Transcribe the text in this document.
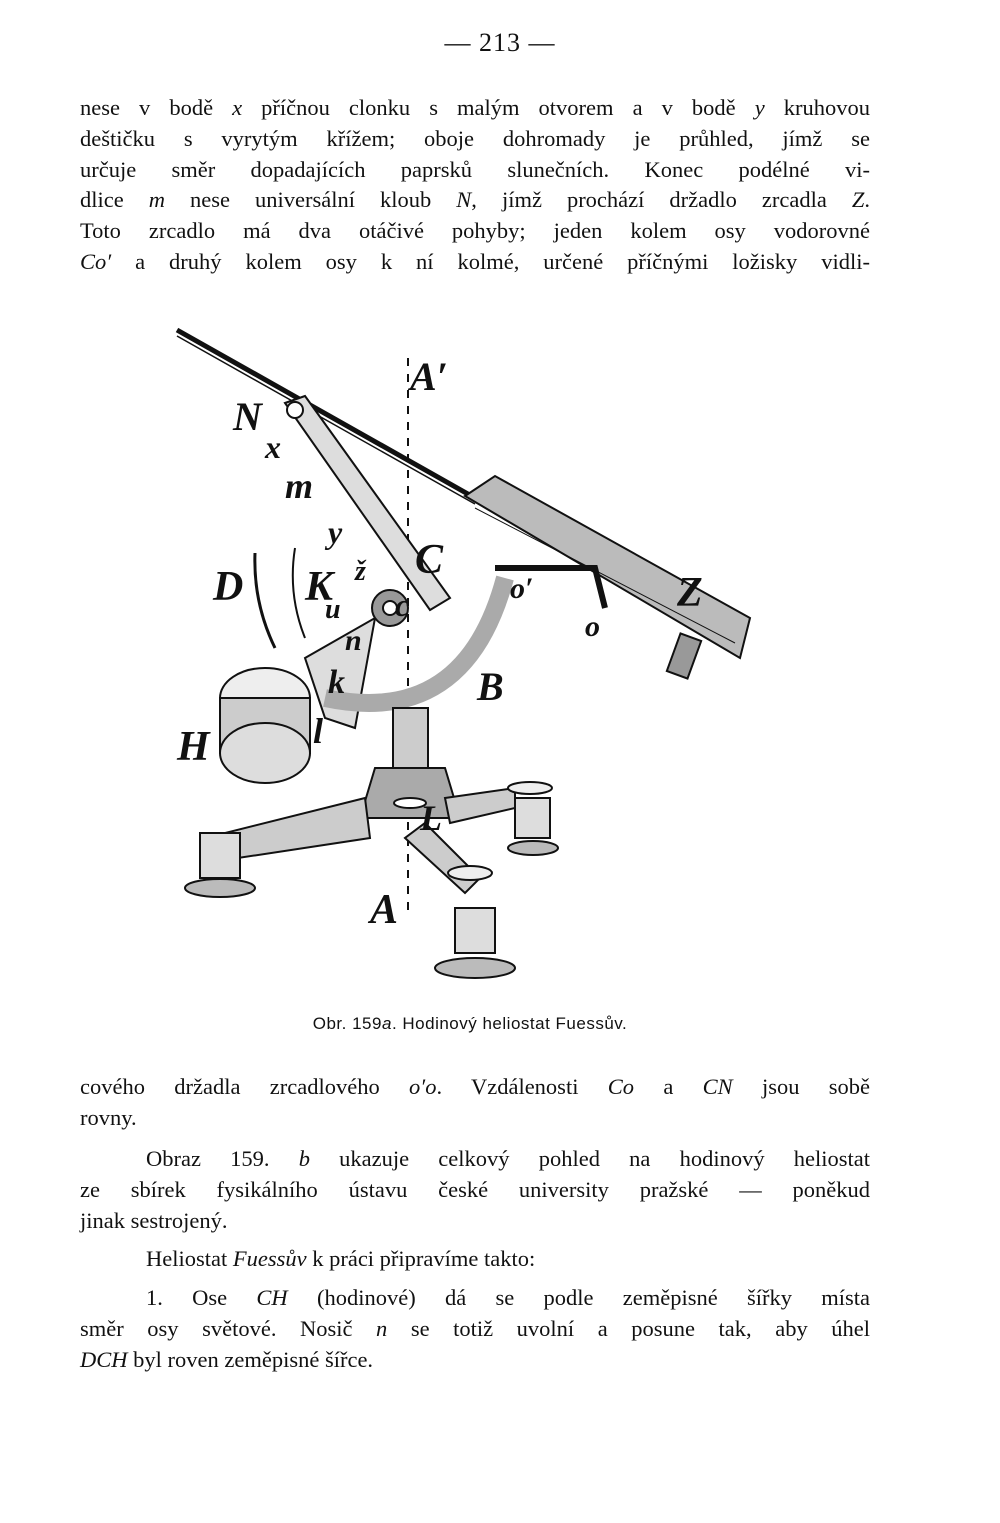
— 213 —
nese v bodě x příčnou clonku s malým otvorem a v bodě y kruhovou
deštičku s vyrytým křížem; oboje dohromady je průhled, jímž se
určuje směr dopadajících paprsků slunečních. Konec podélné vi-
dlice m nese universální kloub N, jímž prochází držadlo zrcadla Z.
Toto zrcadlo má dva otáčivé pohyby; jeden kolem osy vodorovné
Co′ a druhý kolem osy k ní kolmé, určené příčnými ložisky vidli-
A′
N
x
m
y
C
D K ž
u c
n
k
o′
o
Z
B
H	l
L
A
Obr. 159a. Hodinový heliostat Fuessův.
cového držadla zrcadlového o′o. Vzdálenosti Co a CN jsou sobě
rovny.
Obraz 159. b ukazuje celkový pohled na hodinový heliostat
ze sbírek fysikálního ústavu české university pražské — poněkud
jinak sestrojený.
Heliostat Fuessův k práci připravíme takto:
1. Ose CH (hodinové) dá se podle zeměpisné šířky místa
směr osy světové. Nosič n se totiž uvolní a posune tak, aby úhel
DCH byl roven zeměpisné šířce.
